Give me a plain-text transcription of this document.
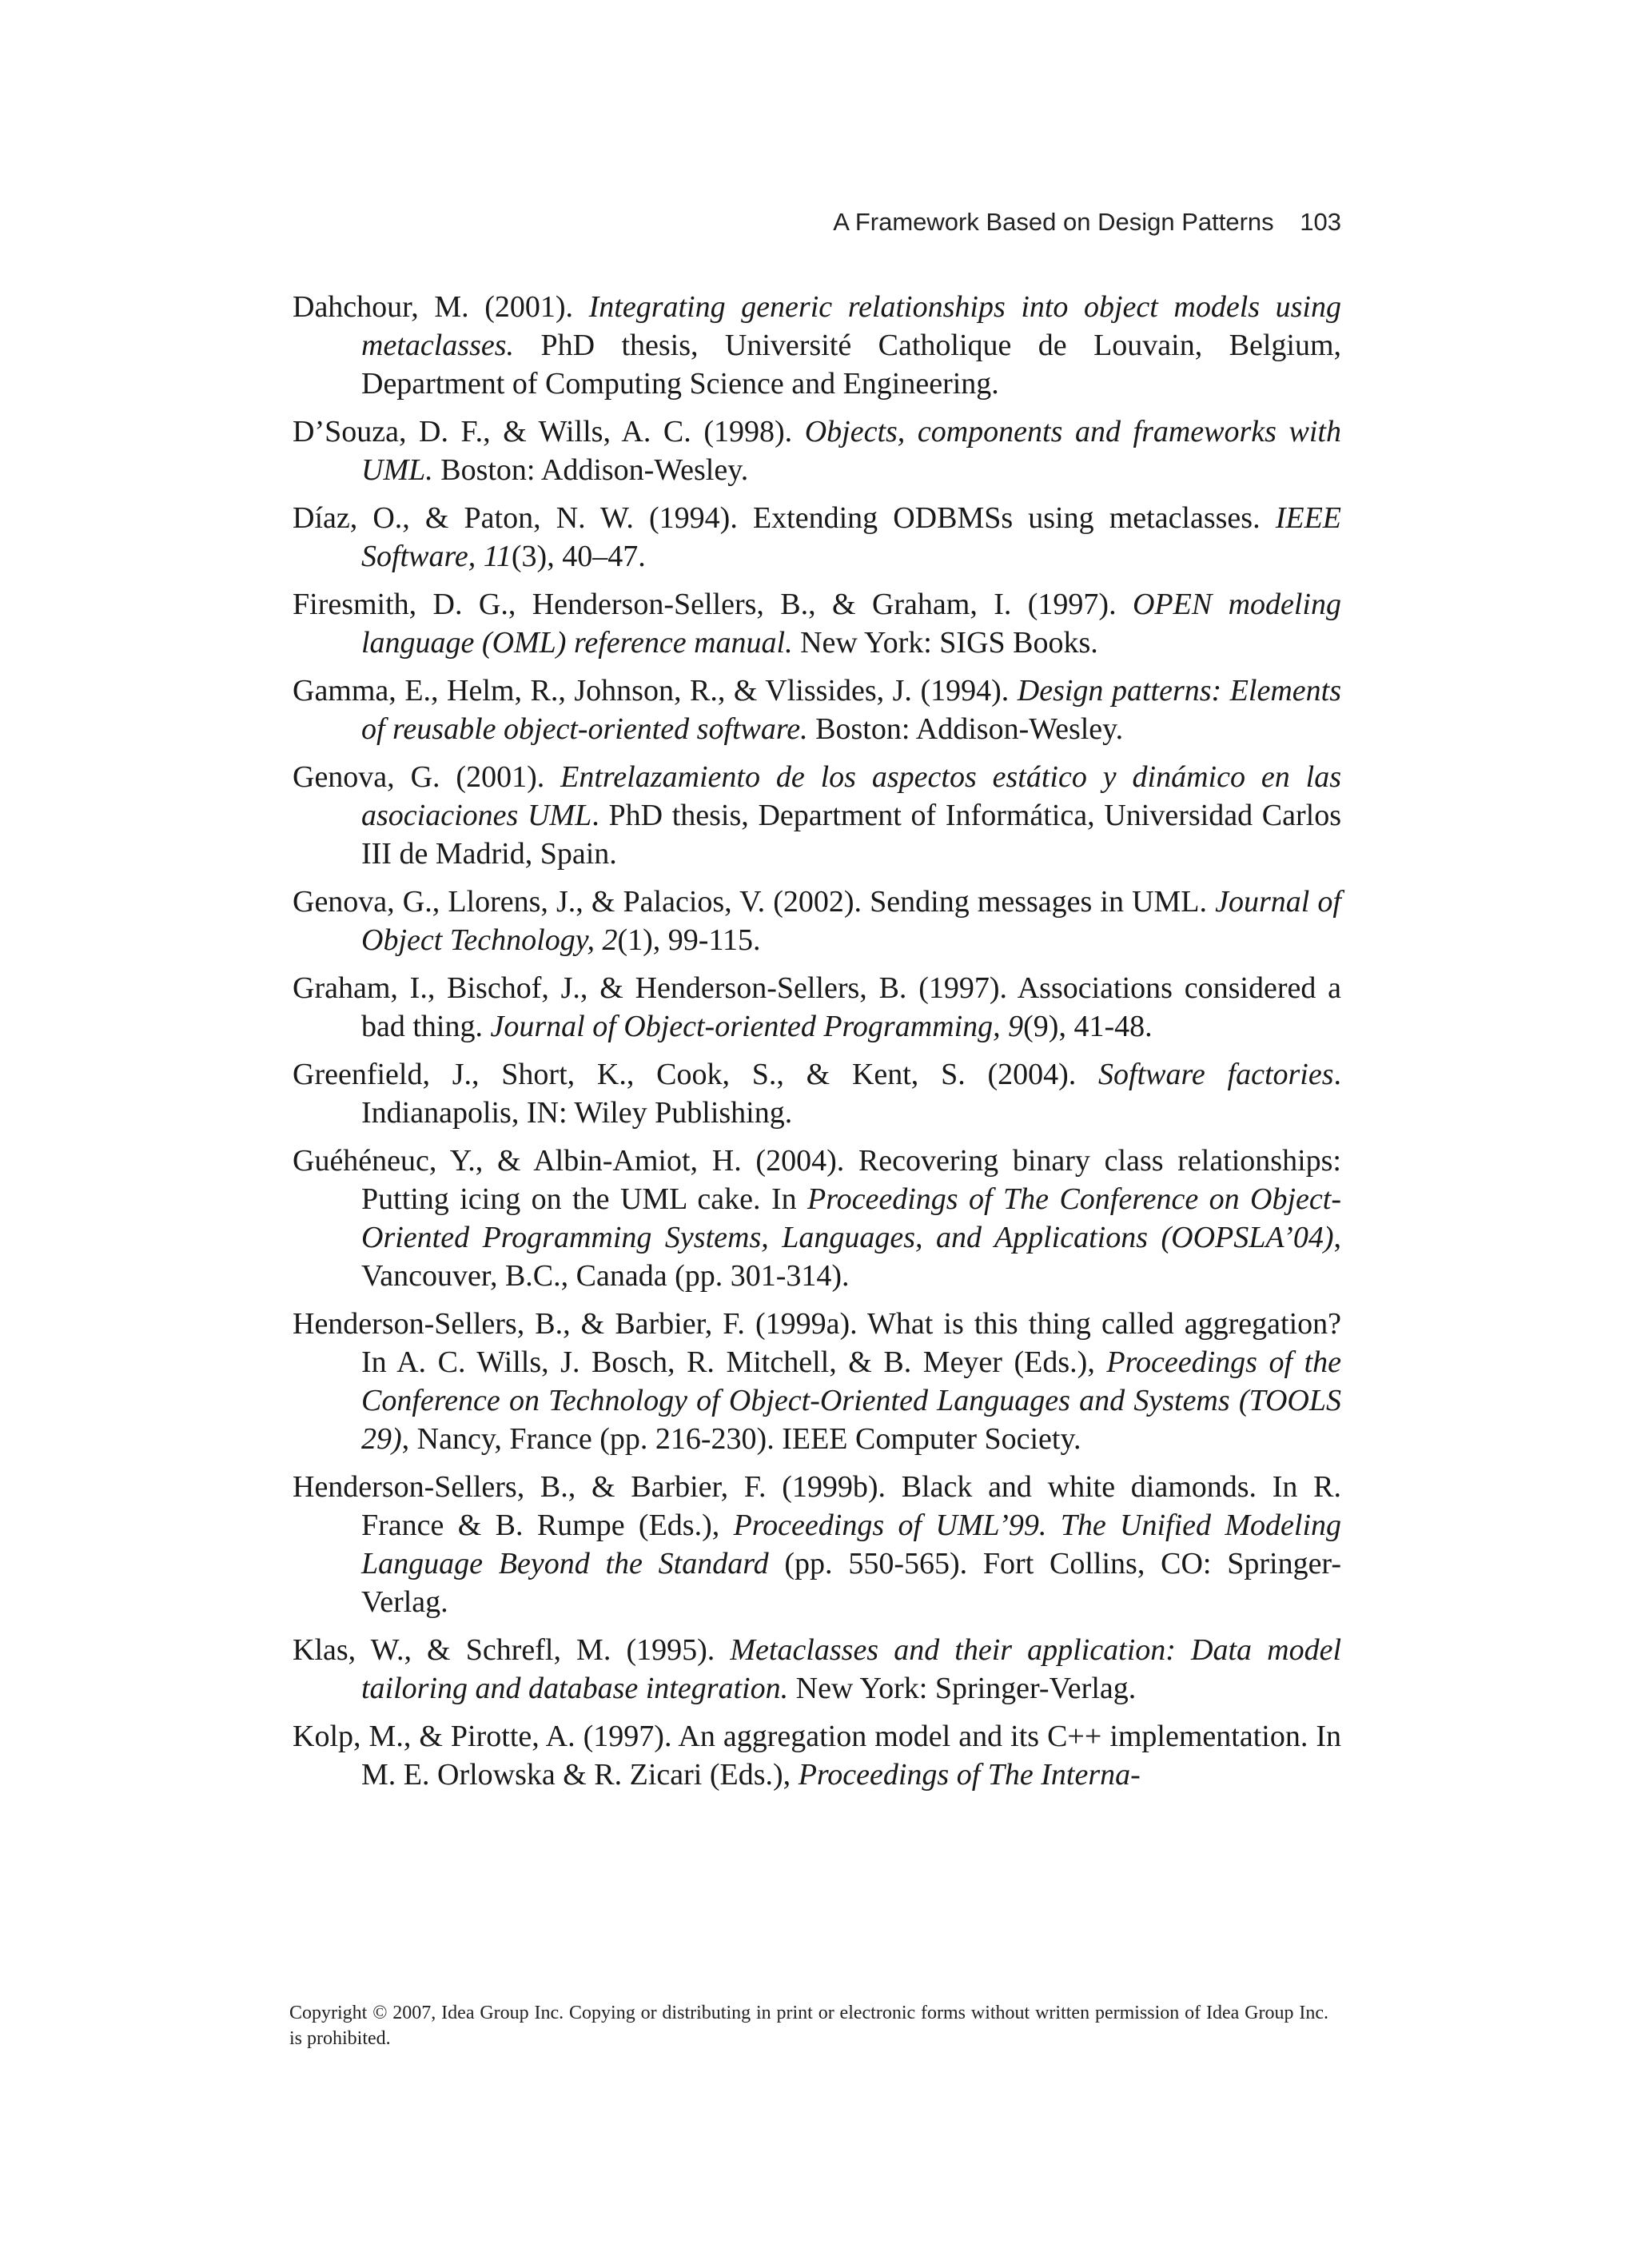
A Framework Based on Design Patterns 103

Dahchour, M. (2001). Integrating generic relationships into object models using metaclasses. PhD thesis, Université Catholique de Louvain, Belgium, Department of Computing Science and Engineering.

D’Souza, D. F., & Wills, A. C. (1998). Objects, components and frameworks with UML. Boston: Addison-Wesley.

Díaz, O., & Paton, N. W. (1994). Extending ODBMSs using metaclasses. IEEE Software, 11(3), 40–47.

Firesmith, D. G., Henderson-Sellers, B., & Graham, I. (1997). OPEN modeling language (OML) reference manual. New York: SIGS Books.

Gamma, E., Helm, R., Johnson, R., & Vlissides, J. (1994). Design patterns: Elements of reusable object-oriented software. Boston: Addison-Wesley.

Genova, G. (2001). Entrelazamiento de los aspectos estático y dinámico en las asociaciones UML. PhD thesis, Department of Informática, Universidad Carlos III de Madrid, Spain.

Genova, G., Llorens, J., & Palacios, V. (2002). Sending messages in UML. Journal of Object Technology, 2(1), 99-115.

Graham, I., Bischof, J., & Henderson-Sellers, B. (1997). Associations considered a bad thing. Journal of Object-oriented Programming, 9(9), 41-48.

Greenfield, J., Short, K., Cook, S., & Kent, S. (2004). Software factories. Indianapolis, IN: Wiley Publishing.

Guéhéneuc, Y., & Albin-Amiot, H. (2004). Recovering binary class relationships: Putting icing on the UML cake. In Proceedings of The Conference on Object-Oriented Programming Systems, Languages, and Applications (OOPSLA’04), Vancouver, B.C., Canada (pp. 301-314).

Henderson-Sellers, B., & Barbier, F. (1999a). What is this thing called aggregation? In A. C. Wills, J. Bosch, R. Mitchell, & B. Meyer (Eds.), Proceedings of the Conference on Technology of Object-Oriented Languages and Systems (TOOLS 29), Nancy, France (pp. 216-230). IEEE Computer Society.

Henderson-Sellers, B., & Barbier, F. (1999b). Black and white diamonds. In R. France & B. Rumpe (Eds.), Proceedings of UML’99. The Unified Modeling Language Beyond the Standard (pp. 550-565). Fort Collins, CO: Springer-Verlag.

Klas, W., & Schrefl, M. (1995). Metaclasses and their application: Data model tailoring and database integration. New York: Springer-Verlag.

Kolp, M., & Pirotte, A. (1997). An aggregation model and its C++ implementation. In M. E. Orlowska & R. Zicari (Eds.), Proceedings of The Interna-

Copyright © 2007, Idea Group Inc. Copying or distributing in print or electronic forms without written permission of Idea Group Inc. is prohibited.
